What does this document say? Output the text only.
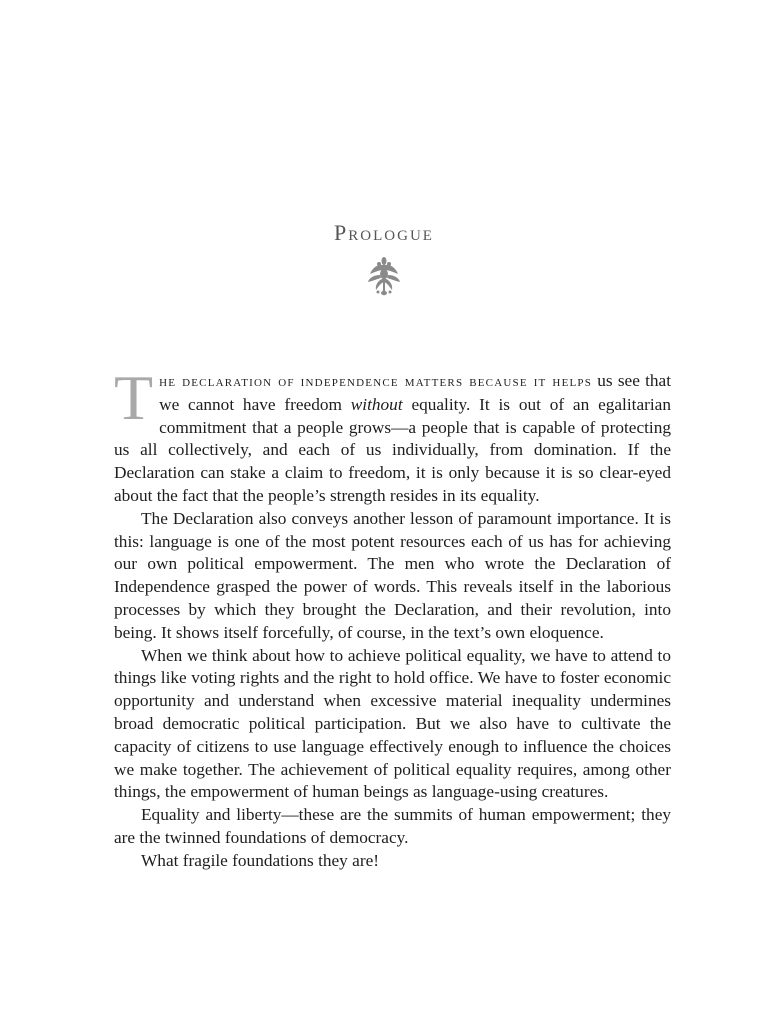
Prologue

The declaration of independence matters because it helps us see that we cannot have freedom without equality. It is out of an egalitarian commitment that a people grows—a people that is capable of protecting us all collectively, and each of us individually, from domination. If the Declaration can stake a claim to freedom, it is only because it is so clear-eyed about the fact that the people’s strength resides in its equality.

The Declaration also conveys another lesson of paramount importance. It is this: language is one of the most potent resources each of us has for achieving our own political empowerment. The men who wrote the Declaration of Independence grasped the power of words. This reveals itself in the laborious processes by which they brought the Declaration, and their revolution, into being. It shows itself forcefully, of course, in the text’s own eloquence.

When we think about how to achieve political equality, we have to attend to things like voting rights and the right to hold office. We have to foster economic opportunity and understand when excessive material inequality undermines broad democratic political participation. But we also have to cultivate the capacity of citizens to use language effectively enough to influence the choices we make together. The achievement of political equality requires, among other things, the empowerment of human beings as language-using creatures.

Equality and liberty—these are the summits of human empowerment; they are the twinned foundations of democracy.

What fragile foundations they are!
